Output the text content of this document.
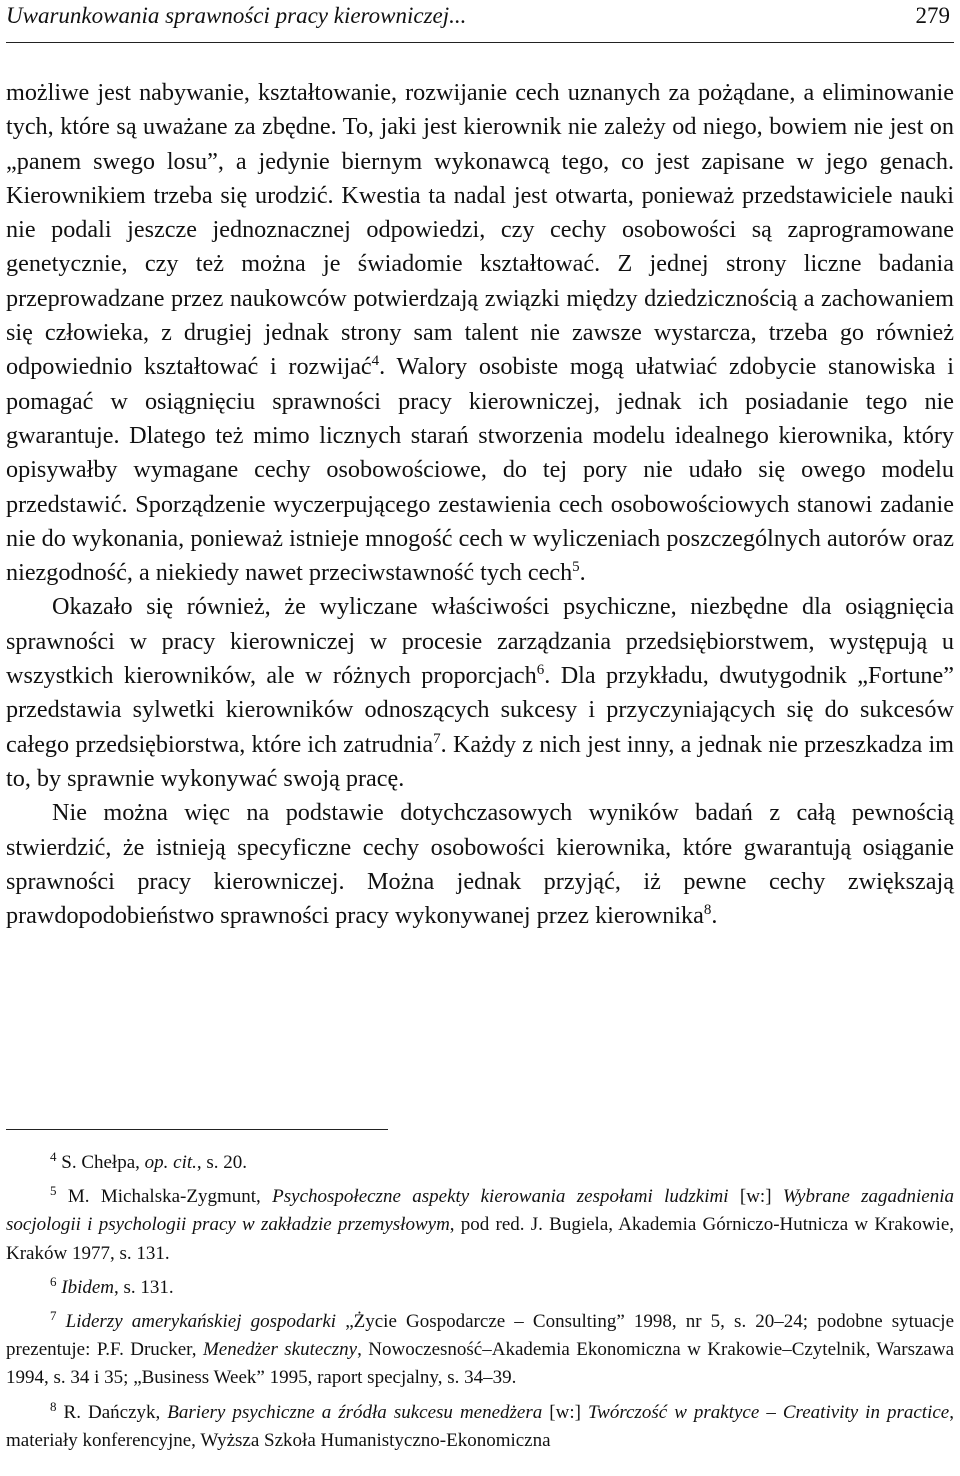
Uwarunkowania sprawności pracy kierowniczej...	279

możliwe jest nabywanie, kształtowanie, rozwijanie cech uznanych za pożądane, a eliminowanie tych, które są uważane za zbędne. To, jaki jest kierownik nie zależy od niego, bowiem nie jest on „panem swego losu”, a jedynie biernym wykonawcą tego, co jest zapisane w jego genach. Kierownikiem trzeba się urodzić. Kwestia ta nadal jest otwarta, ponieważ przedstawiciele nauki nie podali jeszcze jednoznacznej odpowiedzi, czy cechy osobowości są zaprogramowane genetycznie, czy też można je świadomie kształtować. Z jednej strony liczne badania przeprowadzane przez naukowców potwierdzają związki między dziedzicznością a zachowaniem się człowieka, z drugiej jednak strony sam talent nie zawsze wystarcza, trzeba go również odpowiednio kształtować i rozwijać$^4$. Walory osobiste mogą ułatwiać zdobycie stanowiska i pomagać w osiągnięciu sprawności pracy kierowniczej, jednak ich posiadanie tego nie gwarantuje. Dlatego też mimo licznych starań stworzenia modelu idealnego kierownika, który opisywałby wymagane cechy osobowościowe, do tej pory nie udało się owego modelu przedstawić. Sporządzenie wyczerpującego zestawienia cech osobowościowych stanowi zadanie nie do wykonania, ponieważ istnieje mnogość cech w wyliczeniach poszczególnych autorów oraz niezgodność, a niekiedy nawet przeciwstawność tych cech$^5$.

Okazało się również, że wyliczane właściwości psychiczne, niezbędne dla osiągnięcia sprawności w pracy kierowniczej w procesie zarządzania przedsiębiorstwem, występują u wszystkich kierowników, ale w różnych proporcjach$^6$. Dla przykładu, dwutygodnik „Fortune” przedstawia sylwetki kierowników odnoszących sukcesy i przyczyniających się do sukcesów całego przedsiębiorstwa, które ich zatrudnia$^7$. Każdy z nich jest inny, a jednak nie przeszkadza im to, by sprawnie wykonywać swoją pracę.

Nie można więc na podstawie dotychczasowych wyników badań z całą pewnością stwierdzić, że istnieją specyficzne cechy osobowości kierownika, które gwarantują osiąganie sprawności pracy kierowniczej. Można jednak przyjąć, iż pewne cechy zwiększają prawdopodobieństwo sprawności pracy wykonywanej przez kierownika$^8$.

$^4$ S. Chełpa, op. cit., s. 20.

$^5$ M. Michalska-Zygmunt, Psychospołeczne aspekty kierowania zespołami ludzkimi [w:] Wybrane zagadnienia socjologii i psychologii pracy w zakładzie przemysłowym, pod red. J. Bugiela, Akademia Górniczo-Hutnicza w Krakowie, Kraków 1977, s. 131.

$^6$ Ibidem, s. 131.

$^7$ Liderzy amerykańskiej gospodarki „Życie Gospodarcze – Consulting” 1998, nr 5, s. 20–24; podobne sytuacje prezentuje: P.F. Drucker, Menedżer skuteczny, Nowoczesność–Akademia Ekonomiczna w Krakowie–Czytelnik, Warszawa 1994, s. 34 i 35; „Business Week” 1995, raport specjalny, s. 34–39.

$^8$ R. Dańczyk, Bariery psychiczne a źródła sukcesu menedżera [w:] Twórczość w praktyce – Creativity in practice, materiały konferencyjne, Wyższa Szkoła Humanistyczno-Ekonomiczna
